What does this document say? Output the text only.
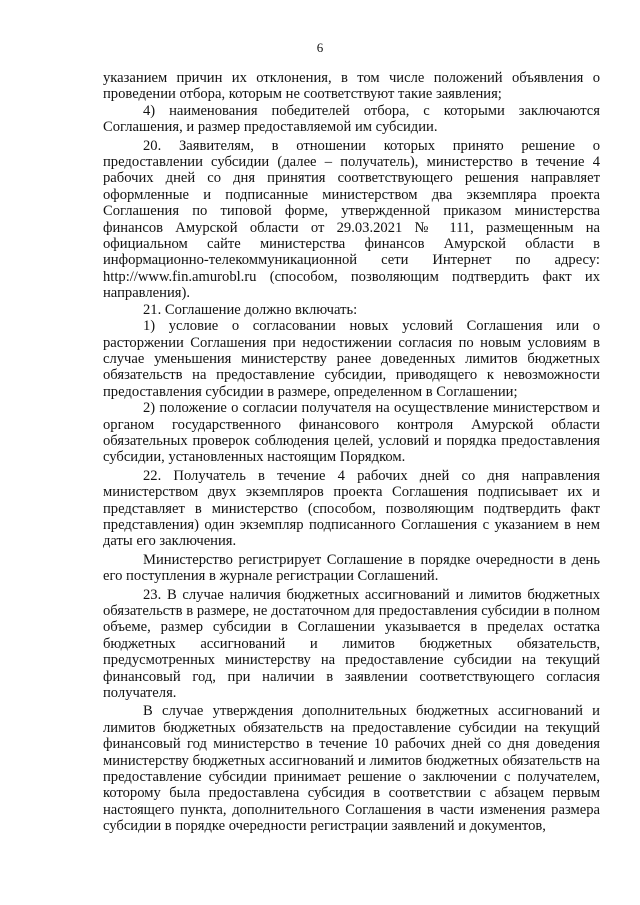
6

указанием причин их отклонения, в том числе положений объявления о проведении отбора, которым не соответствуют такие заявления;

4) наименования победителей отбора, с которыми заключаются Соглашения, и размер предоставляемой им субсидии.

20. Заявителям, в отношении которых принято решение о предоставлении субсидии (далее – получатель), министерство в течение 4 рабочих дней со дня принятия соответствующего решения направляет оформленные и подписанные министерством два экземпляра проекта Соглашения по типовой форме, утвержденной приказом министерства финансов Амурской области от 29.03.2021 № 111, размещенным на официальном сайте министерства финансов Амурской области в информационно-телекоммуникационной сети Интернет по адресу: http://www.fin.amurobl.ru (способом, позволяющим подтвердить факт их направления).

21. Соглашение должно включать:

1) условие о согласовании новых условий Соглашения или о расторжении Соглашения при недостижении согласия по новым условиям в случае уменьшения министерству ранее доведенных лимитов бюджетных обязательств на предоставление субсидии, приводящего к невозможности предоставления субсидии в размере, определенном в Соглашении;

2) положение о согласии получателя на осуществление министерством и органом государственного финансового контроля Амурской области обязательных проверок соблюдения целей, условий и порядка предоставления субсидии, установленных настоящим Порядком.

22. Получатель в течение 4 рабочих дней со дня направления министерством двух экземпляров проекта Соглашения подписывает их и представляет в министерство (способом, позволяющим подтвердить факт представления) один экземпляр подписанного Соглашения с указанием в нем даты его заключения.

Министерство регистрирует Соглашение в порядке очередности в день его поступления в журнале регистрации Соглашений.

23. В случае наличия бюджетных ассигнований и лимитов бюджетных обязательств в размере, не достаточном для предоставления субсидии в полном объеме, размер субсидии в Соглашении указывается в пределах остатка бюджетных ассигнований и лимитов бюджетных обязательств, предусмотренных министерству на предоставление субсидии на текущий финансовый год, при наличии в заявлении соответствующего согласия получателя.

В случае утверждения дополнительных бюджетных ассигнований и лимитов бюджетных обязательств на предоставление субсидии на текущий финансовый год министерство в течение 10 рабочих дней со дня доведения министерству бюджетных ассигнований и лимитов бюджетных обязательств на предоставление субсидии принимает решение о заключении с получателем, которому была предоставлена субсидия в соответствии с абзацем первым настоящего пункта, дополнительного Соглашения в части изменения размера субсидии в порядке очередности регистрации заявлений и документов,
